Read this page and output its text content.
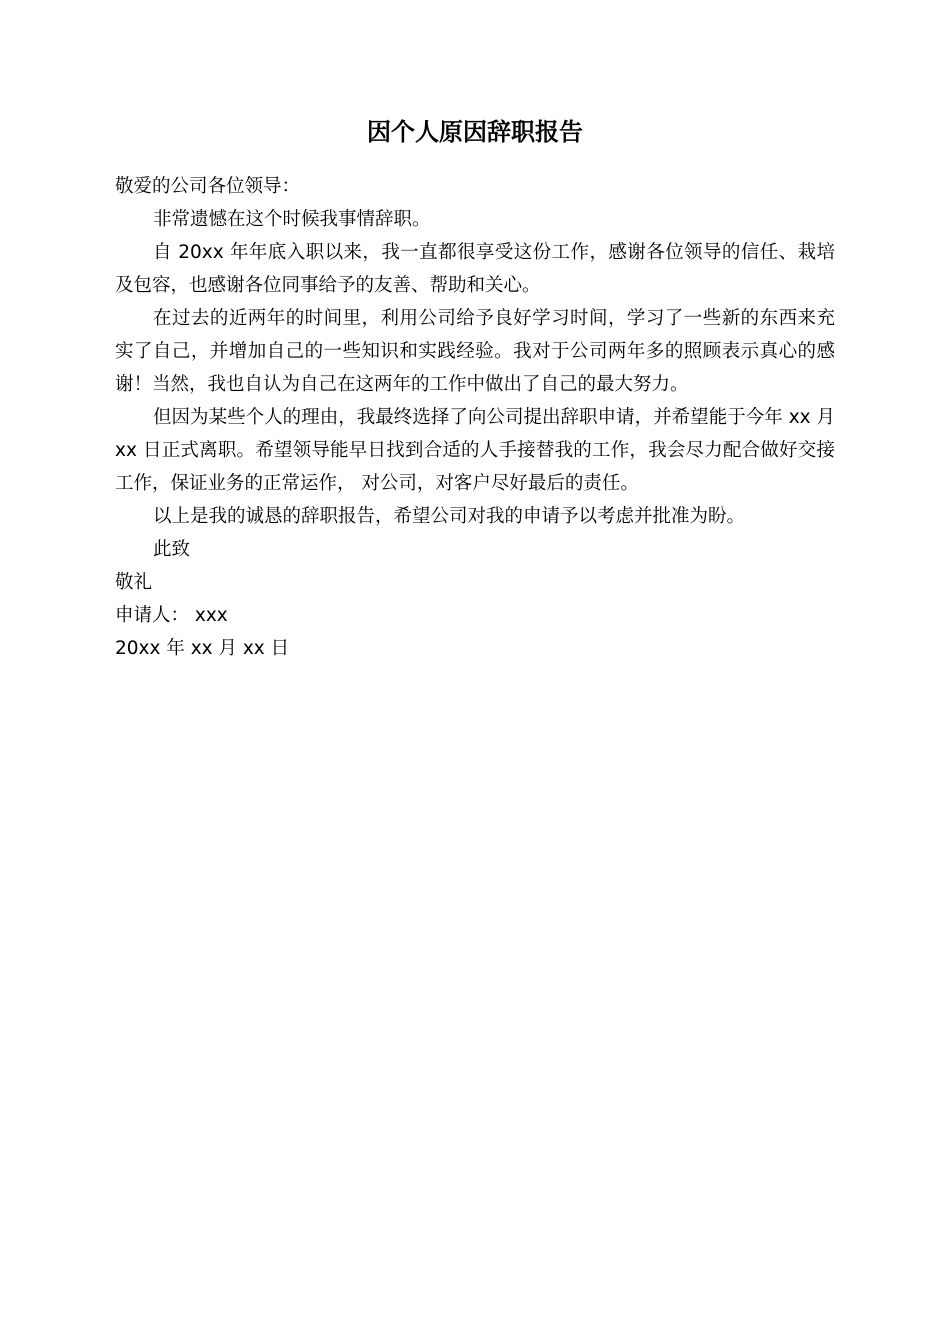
因个人原因辞职报告

敬爱的公司各位领导：

非常遗憾在这个时候我事情辞职。

自 20xx 年年底入职以来，我一直都很享受这份工作，感谢各位领导的信任、栽培及包容，也感谢各位同事给予的友善、帮助和关心。

在过去的近两年的时间里，利用公司给予良好学习时间，学习了一些新的东西来充实了自己，并增加自己的一些知识和实践经验。我对于公司两年多的照顾表示真心的感谢！当然，我也自认为自己在这两年的工作中做出了自己的最大努力。

但因为某些个人的理由，我最终选择了向公司提出辞职申请，并希望能于今年 xx 月 xx 日正式离职。希望领导能早日找到合适的人手接替我的工作，我会尽力配合做好交接工作，保证业务的正常运作， 对公司，对客户尽好最后的责任。

以上是我的诚恳的辞职报告，希望公司对我的申请予以考虑并批准为盼。

此致

敬礼

申请人： xxx

20xx 年 xx 月 xx 日
